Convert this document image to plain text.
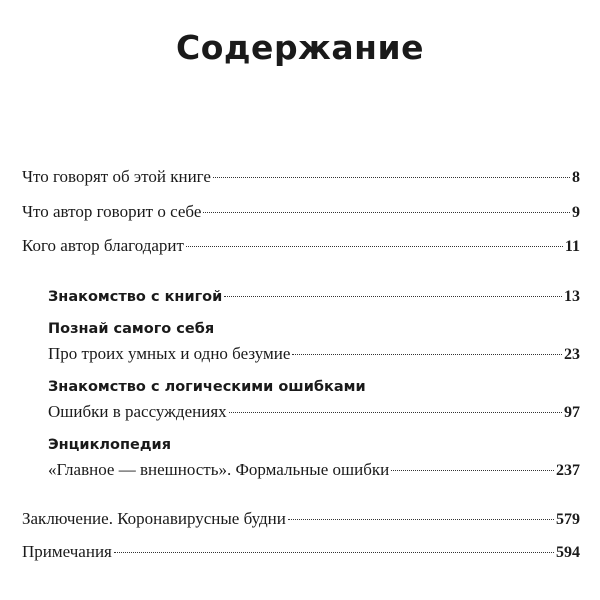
Содержание
Что говорят об этой книге	8
Что автор говорит о себе	9
Кого автор благодарит	11
Знакомство с книгой	13
Познай самого себя
Про троих умных и одно безумие	23
Знакомство с логическими ошибками
Ошибки в рассуждениях	97
Энциклопедия
«Главное — внешность». Формальные ошибки	237
Заключение. Коронавирусные будни	579
Примечания	594
